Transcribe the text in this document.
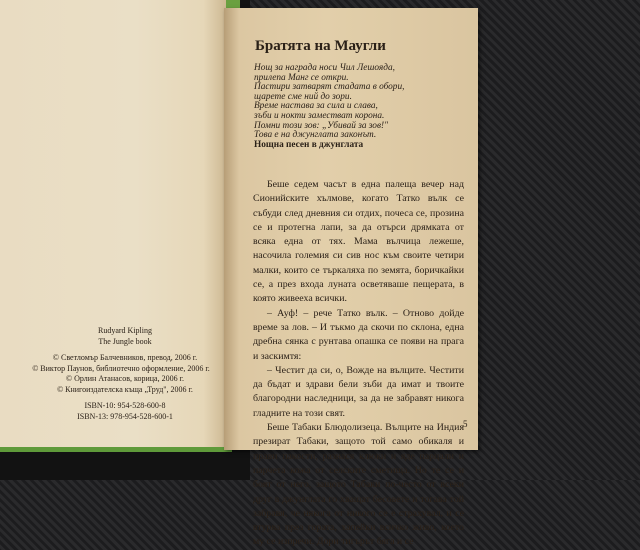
Rudyard Kipling
The Jungle book
© Светломър Балчевников, превод, 2006 г.
© Виктор Паунов, библиотечно оформление, 2006 г.
© Орлин Атанасов, корица, 2006 г.
© Книгоиздателска къща „Труд", 2006 г.
ISBN-10: 954-528-600-8
ISBN-13: 978-954-528-600-1
Братята на Маугли
Нощ за награда носи Чил Лешояда,
прилепа Манг се откри.
Пастири затварят стадата в обори,
щарете сме ний до зори.
Време настава за сила и слава,
зъби и нокти заместват корона.
Помни този зов: „Убивай за зов!"
Това е на джунглата законът.
Нощна песен в джунглата

Беше седем часът в една палеща вечер над Сионийските хълмове, когато Татко вълк се събуди след дневния си отдих, почеса се, прозина се и протегна лапи, за да отърси дрямката от всяка една от тях. Мама вълчица лежеше, насочила големия си сив нос към своите четири малки, които се търкаляха по земята, боричкайки се, а през входа луната осветяваше пещерата, в която живееха всички.

– Ауф! – рече Татко вълк. – Отново дойде време за лов. – И тъкмо да скочи по склона, една дребна сянка с рунтава опашка се появи на прага и заскимтя:

– Честит да си, о, Вожде на вълците. Честити да бъдат и здрави бели зъби да имат и твоите благородни наследници, за да не забравят никога гладните на този свят.

Беше Табаки Блюдолизеца. Вълците на Индия презират Табаки, защото той само обикаля и прави пакости, разнася клюки и яде парцали и парчета кожа от селските сметища. Но те се и боят от него, защото Табаки по-често от всеки друг в джунглата го хващат бесовете и тогава той забравя, че някога от никого се е страхувал, и се втурва през гората, хапейки всичко живо, което му се изпречи. Дори тигърът бяга и се

5
